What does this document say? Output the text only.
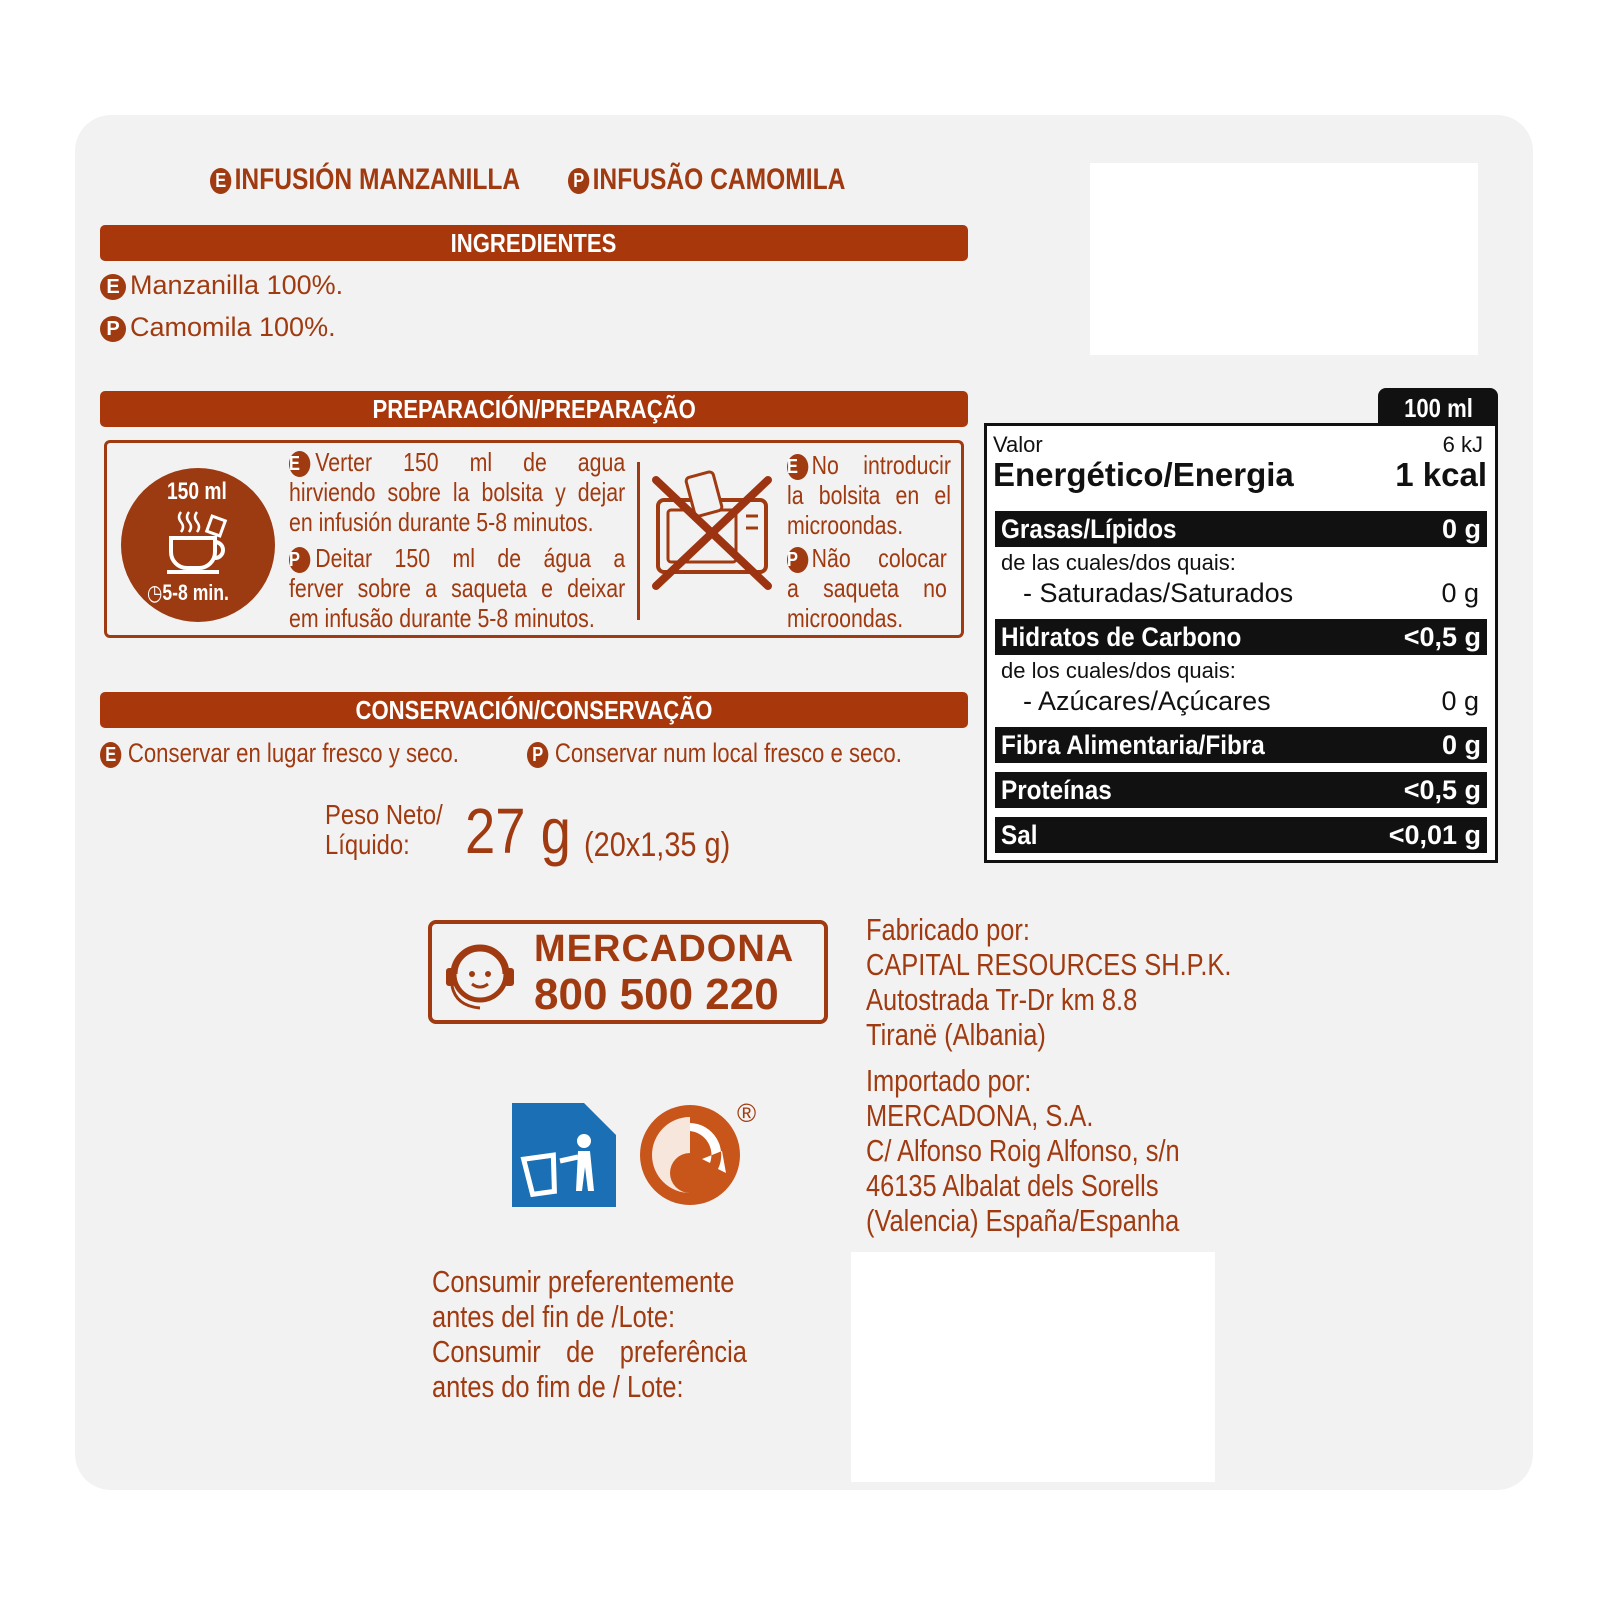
E INFUSIÓN MANZANILLA	P INFUSÃO CAMOMILA
INGREDIENTES
E Manzanilla 100%.
P Camomila 100%.
PREPARACIÓN/PREPARAÇÃO
150 ml
◷5-8 min.
E Verter 150 ml de agua
hirviendo sobre la bolsita y dejar
en infusión durante 5-8 minutos.
P Deitar 150 ml de água a
ferver sobre a saqueta e deixar
em infusão durante 5-8 minutos.
E No introducir
la bolsita en el
microondas.
P Não colocar
a saqueta no
microondas.
CONSERVACIÓN/CONSERVAÇÃO
E Conservar en lugar fresco y seco.	P Conservar num local fresco e seco.
Peso Neto/
Líquido: 27 g (20x1,35 g)
100 ml
Valor	6 kJ
Energético/Energia	1 kcal
Grasas/Lípidos	0 g
de las cuales/dos quais:
- Saturadas/Saturados	0 g
Hidratos de Carbono	<0,5 g
de los cuales/dos quais:
- Azúcares/Açúcares	0 g
Fibra Alimentaria/Fibra	0 g
Proteínas	<0,5 g
Sal	<0,01 g
MERCADONA
800 500 220
Fabricado por:
CAPITAL RESOURCES SH.P.K.
Autostrada Tr-Dr km 8.8
Tiranë (Albania)
Importado por:
MERCADONA, S.A.
C/ Alfonso Roig Alfonso, s/n
46135 Albalat dels Sorells
(Valencia) España/Espanha
®
Consumir preferentemente
antes del fin de /Lote:
Consumir de preferência
antes do fim de / Lote:
